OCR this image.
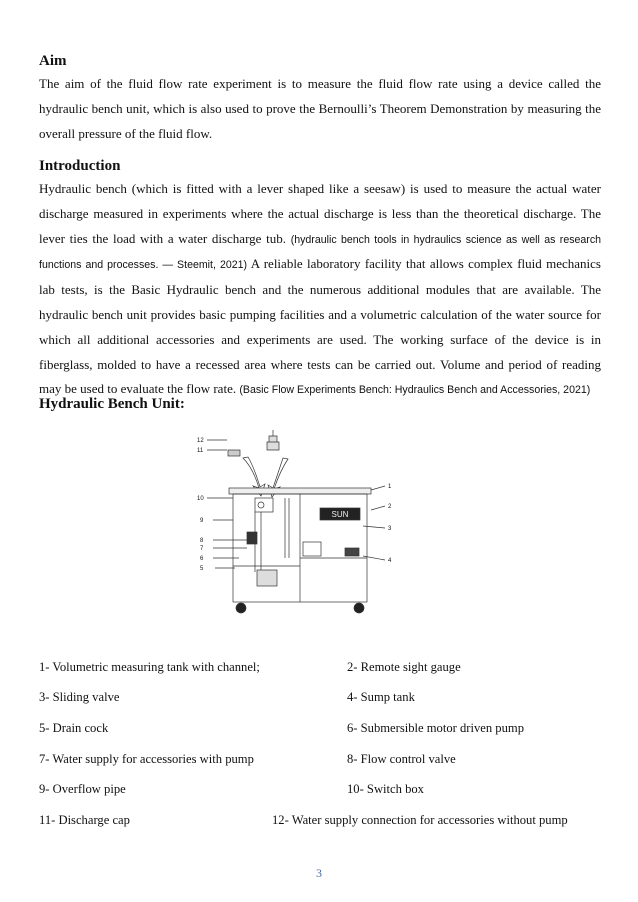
Aim

The aim of the fluid flow rate experiment is to measure the fluid flow rate using a device called the hydraulic bench unit, which is also used to prove the Bernoulli’s Theorem Demonstration by measuring the overall pressure of the fluid flow.

Introduction

Hydraulic bench (which is fitted with a lever shaped like a seesaw) is used to measure the actual water discharge measured in experiments where the actual discharge is less than the theoretical discharge. The lever ties the load with a water discharge tub. (hydraulic bench tools in hydraulics science as well as research functions and processes. — Steemit, 2021) A reliable laboratory facility that allows complex fluid mechanics lab tests, is the Basic Hydraulic bench and the numerous additional modules that are available. The hydraulic bench unit provides basic pumping facilities and a volumetric calculation of the water source for which all additional accessories and experiments are used. The working surface of the device is in fiberglass, molded to have a recessed area where tests can be carried out. Volume and period of reading may be used to evaluate the flow rate. (Basic Flow Experiments Bench: Hydraulics Bench and Accessories, 2021)

Hydraulic Bench Unit:
SUN
12
11
10
9
8
7
6
5
1
2
3
4
1- Volumetric measuring tank with channel;	2- Remote sight gauge
3- Sliding valve	4- Sump tank
5- Drain cock	6- Submersible motor driven pump
7- Water supply for accessories with pump	8- Flow control valve
9- Overflow pipe	10- Switch box
11- Discharge cap	12- Water supply connection for accessories without pump
3
